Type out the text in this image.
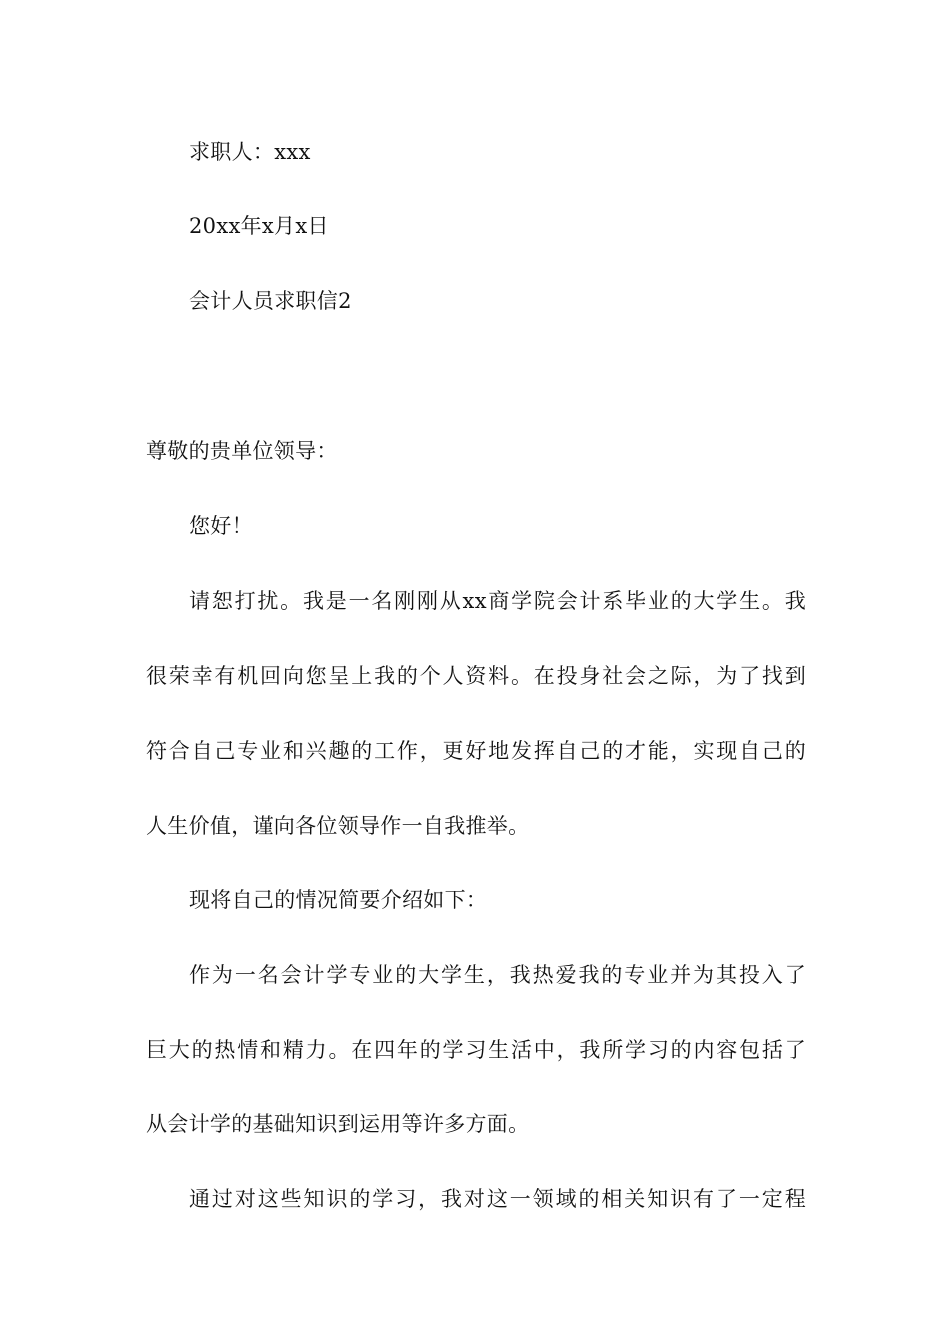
求职人：xxx
20xx年x月x日
会计人员求职信2
尊敬的贵单位领导：
您好！
请恕打扰。我是一名刚刚从xx商学院会计系毕业的大学生。我
很荣幸有机回向您呈上我的个人资料。在投身社会之际，为了找到
符合自己专业和兴趣的工作，更好地发挥自己的才能，实现自己的
人生价值，谨向各位领导作一自我推举。
现将自己的情况简要介绍如下：
作为一名会计学专业的大学生，我热爱我的专业并为其投入了
巨大的热情和精力。在四年的学习生活中，我所学习的内容包括了
从会计学的基础知识到运用等许多方面。
通过对这些知识的学习，我对这一领域的相关知识有了一定程
